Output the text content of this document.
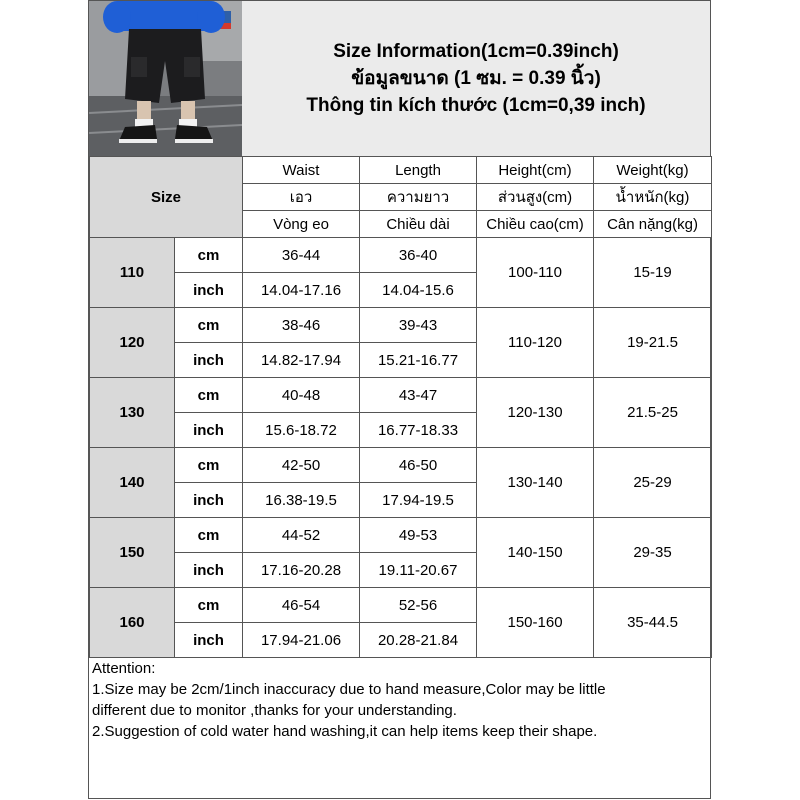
Size Information(1cm=0.39inch)
ข้อมูลขนาด (1 ซม. = 0.39 นิ้ว)
Thông tin kích thước (1cm=0,39 inch)
Size		Waist	Length	Height(cm)	Weight(kg)
		เอว	ความยาว	ส่วนสูง(cm)	น้ำหนัก(kg)
		Vòng eo	Chiều dài	Chiều cao(cm)	Cân nặng(kg)
110	cm	36-44	36-40	100-110	15-19
	inch	14.04-17.16	14.04-15.6		
120	cm	38-46	39-43	110-120	19-21.5
	inch	14.82-17.94	15.21-16.77		
130	cm	40-48	43-47	120-130	21.5-25
	inch	15.6-18.72	16.77-18.33		
140	cm	42-50	46-50	130-140	25-29
	inch	16.38-19.5	17.94-19.5		
150	cm	44-52	49-53	140-150	29-35
	inch	17.16-20.28	19.11-20.67		
160	cm	46-54	52-56	150-160	35-44.5
	inch	17.94-21.06	20.28-21.84		

Attention:

1.Size may be 2cm/1inch inaccuracy due to hand measure,Color may be little

different due to monitor ,thanks for your understanding.

2.Suggestion of cold water hand washing,it can help items keep their shape.
